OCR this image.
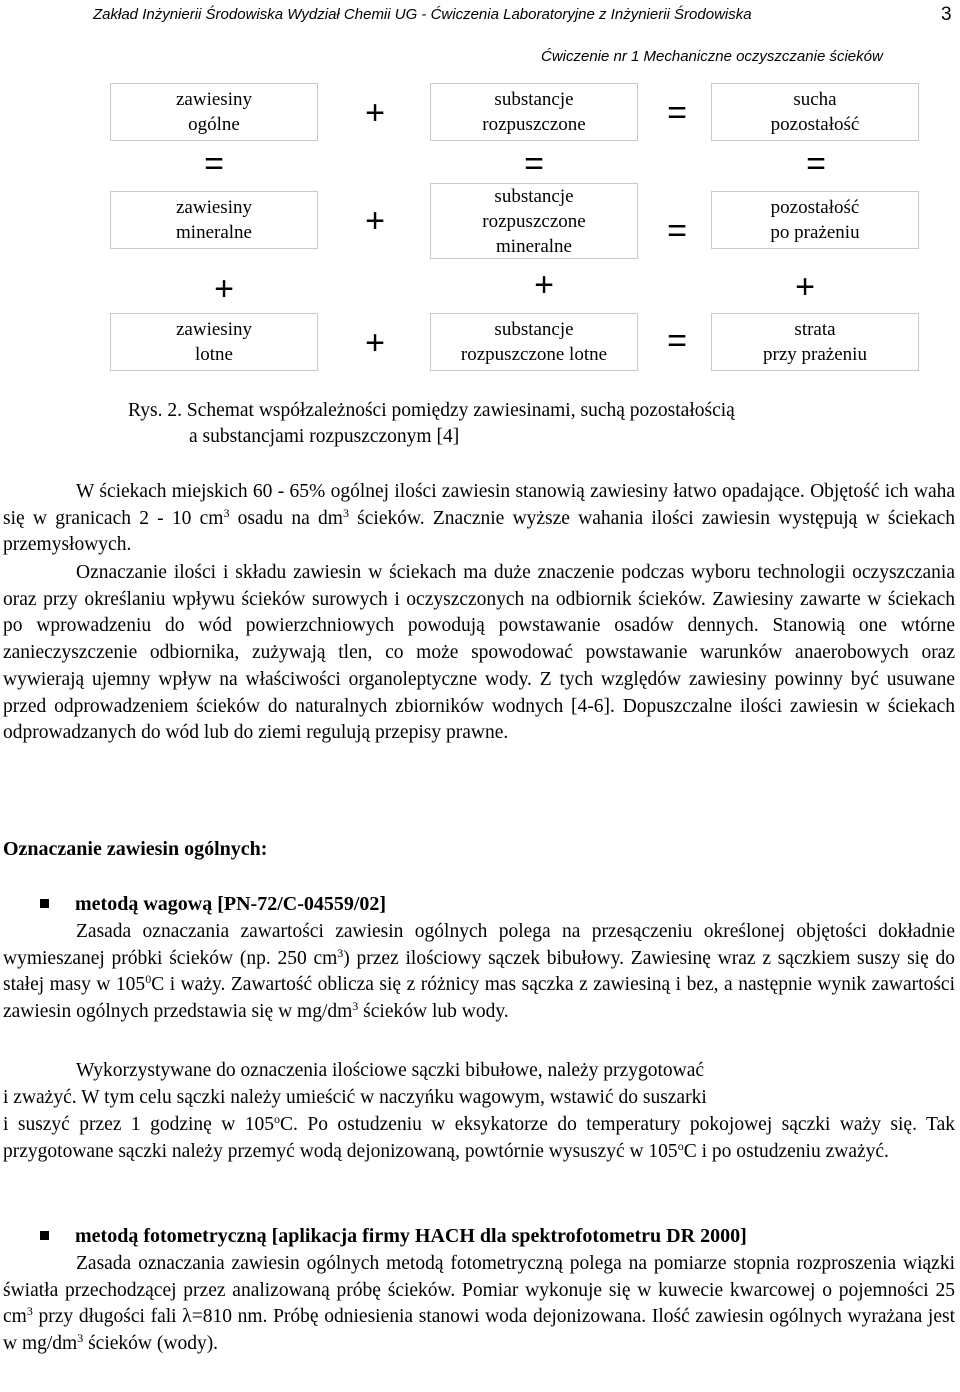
Zakład Inżynierii Środowiska Wydział Chemii UG - Ćwiczenia Laboratoryjne z Inżynierii Środowiska	3
Ćwiczenie nr 1 Mechaniczne oczyszczanie ścieków
zawiesiny
ogólne	+	substancje
rozpuszczone =	sucha
pozostałość
=	=	=
zawiesiny
mineralne	+
substancje
rozpuszczone
mineralne	=
pozostałość
po prażeniu
+	+	+
zawiesiny
lotne	+	substancje
rozpuszczone lotne =	strata
przy prażeniu
Rys. 2. Schemat współzależności pomiędzy zawiesinami, suchą pozostałością
a substancjami rozpuszczonym [4]

W ściekach miejskich 60 - 65% ogólnej ilości zawiesin stanowią zawiesiny łatwo opadające. Objętość ich waha się w granicach 2 - 10 $cm^3$ osadu na $dm^3$ ścieków. Znacznie wyższe wahania ilości zawiesin występują w ściekach przemysłowych.

Oznaczanie ilości i składu zawiesin w ściekach ma duże znaczenie podczas wyboru technologii oczyszczania oraz przy określaniu wpływu ścieków surowych i oczyszczonych na odbiornik ścieków. Zawiesiny zawarte w ściekach po wprowadzeniu do wód powierzchniowych powodują powstawanie osadów dennych. Stanowią one wtórne zanieczyszczenie odbiornika, zużywają tlen, co może spowodować powstawanie warunków anaerobowych oraz wywierają ujemny wpływ na właściwości organoleptyczne wody. Z tych względów zawiesiny powinny być usuwane przed odprowadzeniem ścieków do naturalnych zbiorników wodnych [4-6]. Dopuszczalne ilości zawiesin w ściekach odprowadzanych do wód lub do ziemi regulują przepisy prawne.

Oznaczanie zawiesin ogólnych:
metodą wagową [PN-72/C-04559/02]

Zasada oznaczania zawartości zawiesin ogólnych polega na przesączeniu określonej objętości dokładnie wymieszanej próbki ścieków (np. 250 $cm^3$) przez ilościowy sączek bibułowy. Zawiesinę wraz z sączkiem suszy się do stałej masy w $105^0C$ i waży. Zawartość oblicza się z różnicy mas sączka z zawiesiną i bez, a następnie wynik zawartości zawiesin ogólnych przedstawia się w $mg/dm^3$ ścieków lub wody.

Wykorzystywane do oznaczenia ilościowe sączki bibułowe, należy przygotować
i zważyć. W tym celu sączki należy umieścić w naczyńku wagowym, wstawić do suszarki

i suszyć przez 1 godzinę w 105$^o$C. Po ostudzeniu w eksykatorze do temperatury pokojowej sączki waży się. Tak przygotowane sączki należy przemyć wodą dejonizowaną, powtórnie wysuszyć w 105$^o$C i po ostudzeniu zważyć.

metodą fotometryczną [aplikacja firmy HACH dla spektrofotometru DR 2000]

Zasada oznaczania zawiesin ogólnych metodą fotometryczną polega na pomiarze stopnia rozproszenia wiązki światła przechodzącej przez analizowaną próbę ścieków. Pomiar wykonuje się w kuwecie kwarcowej o pojemności 25 $cm^3$ przy długości fali λ=810 nm. Próbę odniesienia stanowi woda dejonizowana. Ilość zawiesin ogólnych wyrażana jest w $mg/dm^3$ ścieków (wody).
